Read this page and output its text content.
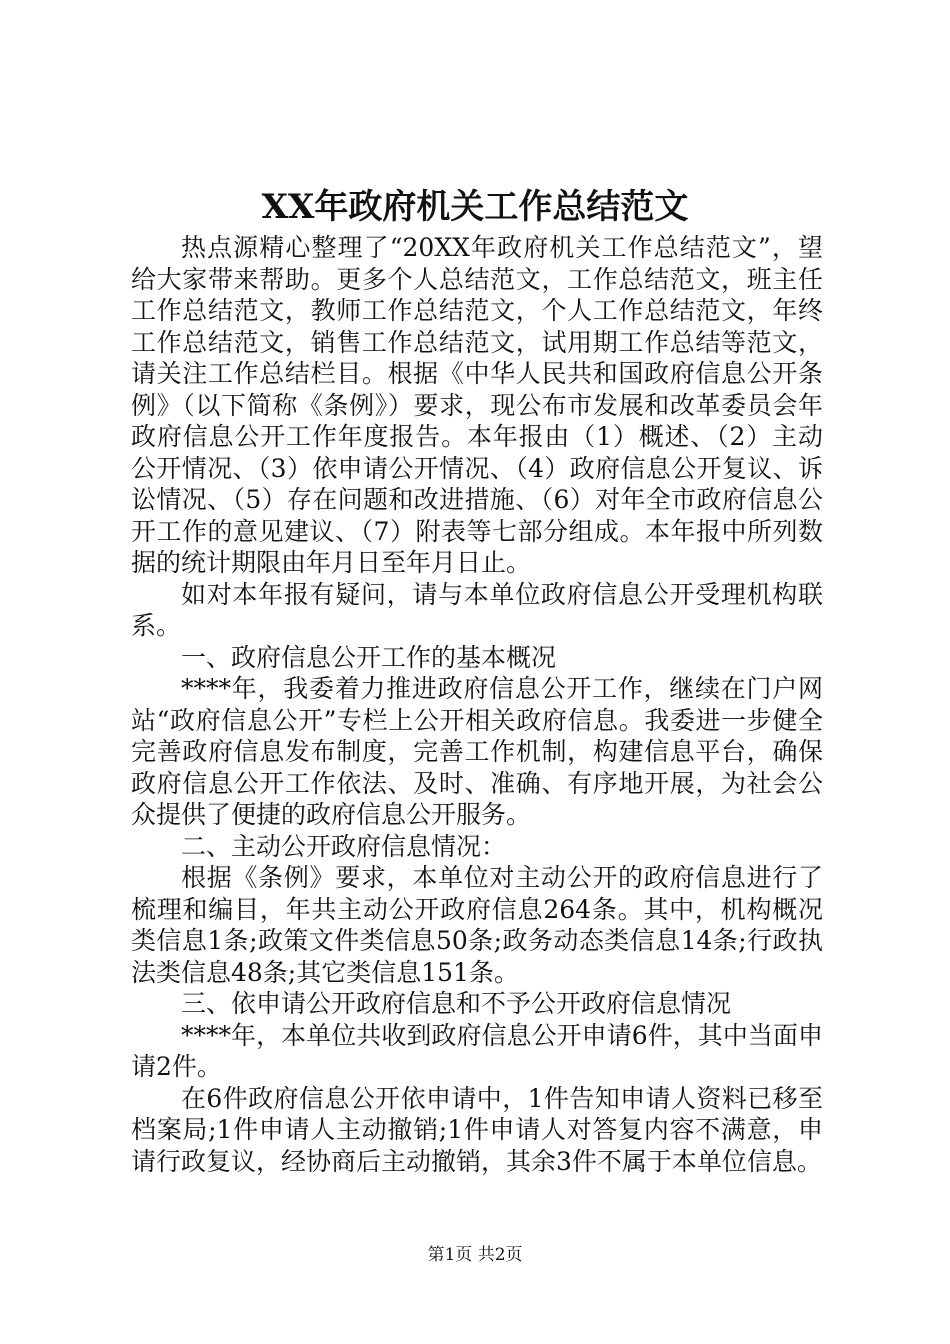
XX年政府机关工作总结范文

热点源精心整理了“20XX年政府机关工作总结范文”，望给大家带来帮助。更多个人总结范文，工作总结范文，班主任工作总结范文，教师工作总结范文，个人工作总结范文，年终工作总结范文，销售工作总结范文，试用期工作总结等范文，请关注工作总结栏目。根据《中华人民共和国政府信息公开条例》（以下简称《条例》）要求，现公布市发展和改革委员会年政府信息公开工作年度报告。本年报由（1）概述、（2）主动公开情况、（3）依申请公开情况、（4）政府信息公开复议、诉讼情况、（5）存在问题和改进措施、（6）对年全市政府信息公开工作的意见建议、（7）附表等七部分组成。本年报中所列数据的统计期限由年月日至年月日止。

如对本年报有疑问，请与本单位政府信息公开受理机构联系。

一、政府信息公开工作的基本概况

****年，我委着力推进政府信息公开工作，继续在门户网站“政府信息公开”专栏上公开相关政府信息。我委进一步健全完善政府信息发布制度，完善工作机制，构建信息平台，确保政府信息公开工作依法、及时、准确、有序地开展，为社会公众提供了便捷的政府信息公开服务。

二、主动公开政府信息情况：

根据《条例》要求，本单位对主动公开的政府信息进行了梳理和编目，年共主动公开政府信息264条。其中，机构概况类信息1条;政策文件类信息50条;政务动态类信息14条;行政执法类信息48条;其它类信息151条。

三、依申请公开政府信息和不予公开政府信息情况

****年，本单位共收到政府信息公开申请6件，其中当面申请2件。

在6件政府信息公开依申请中，1件告知申请人资料已移至档案局;1件申请人主动撤销;1件申请人对答复内容不满意，申请行政复议，经协商后主动撤销，其余3件不属于本单位信息。

第1页 共2页
